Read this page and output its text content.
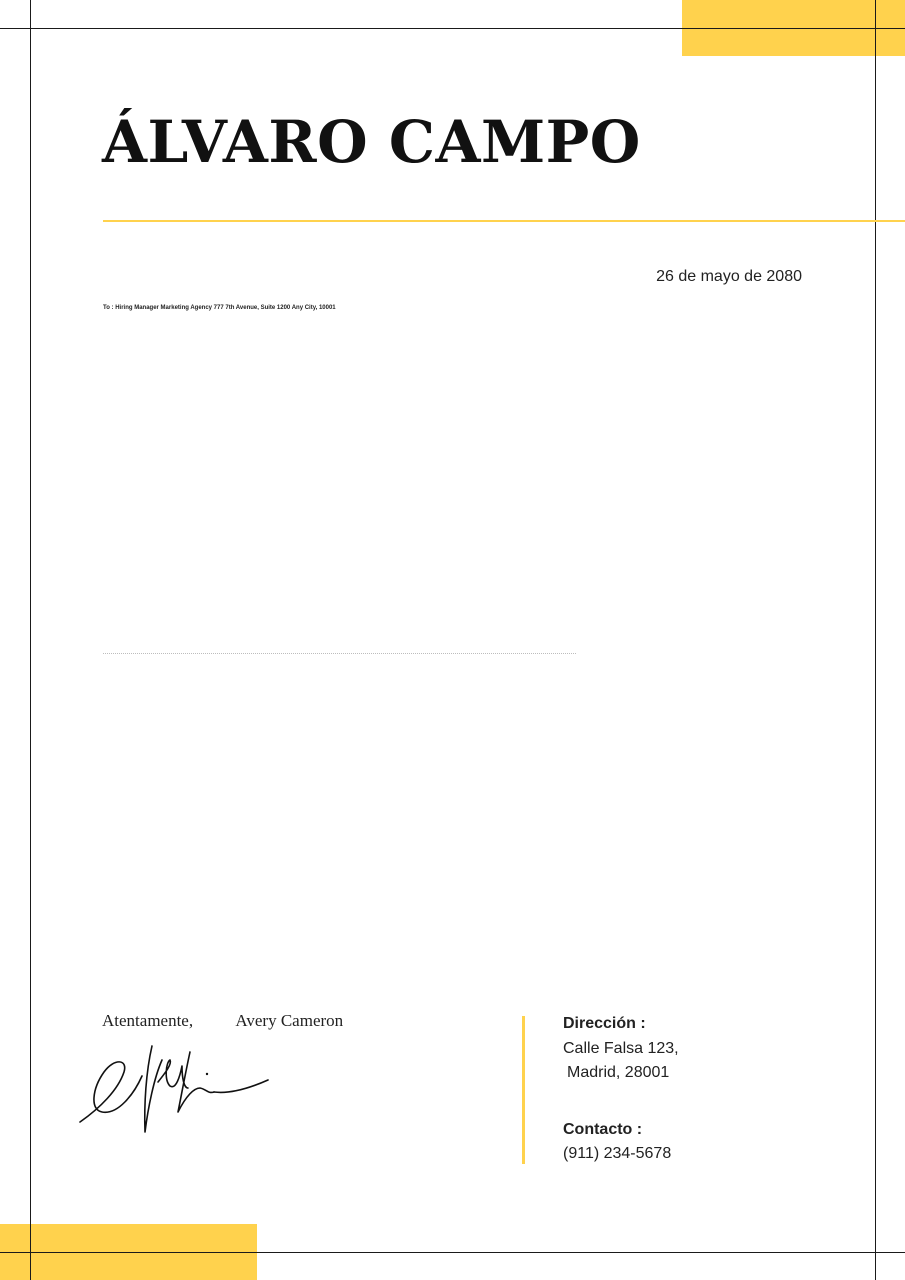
ÁLVARO CAMPO
26 de mayo de 2080
To : Hiring Manager Marketing Agency 777 7th Avenue, Suite 1200 Any City, 10001
Atentamente, Avery Cameron	Dirección :
Calle Falsa 123,
Madrid, 28001
Contacto :
(911) 234-5678
